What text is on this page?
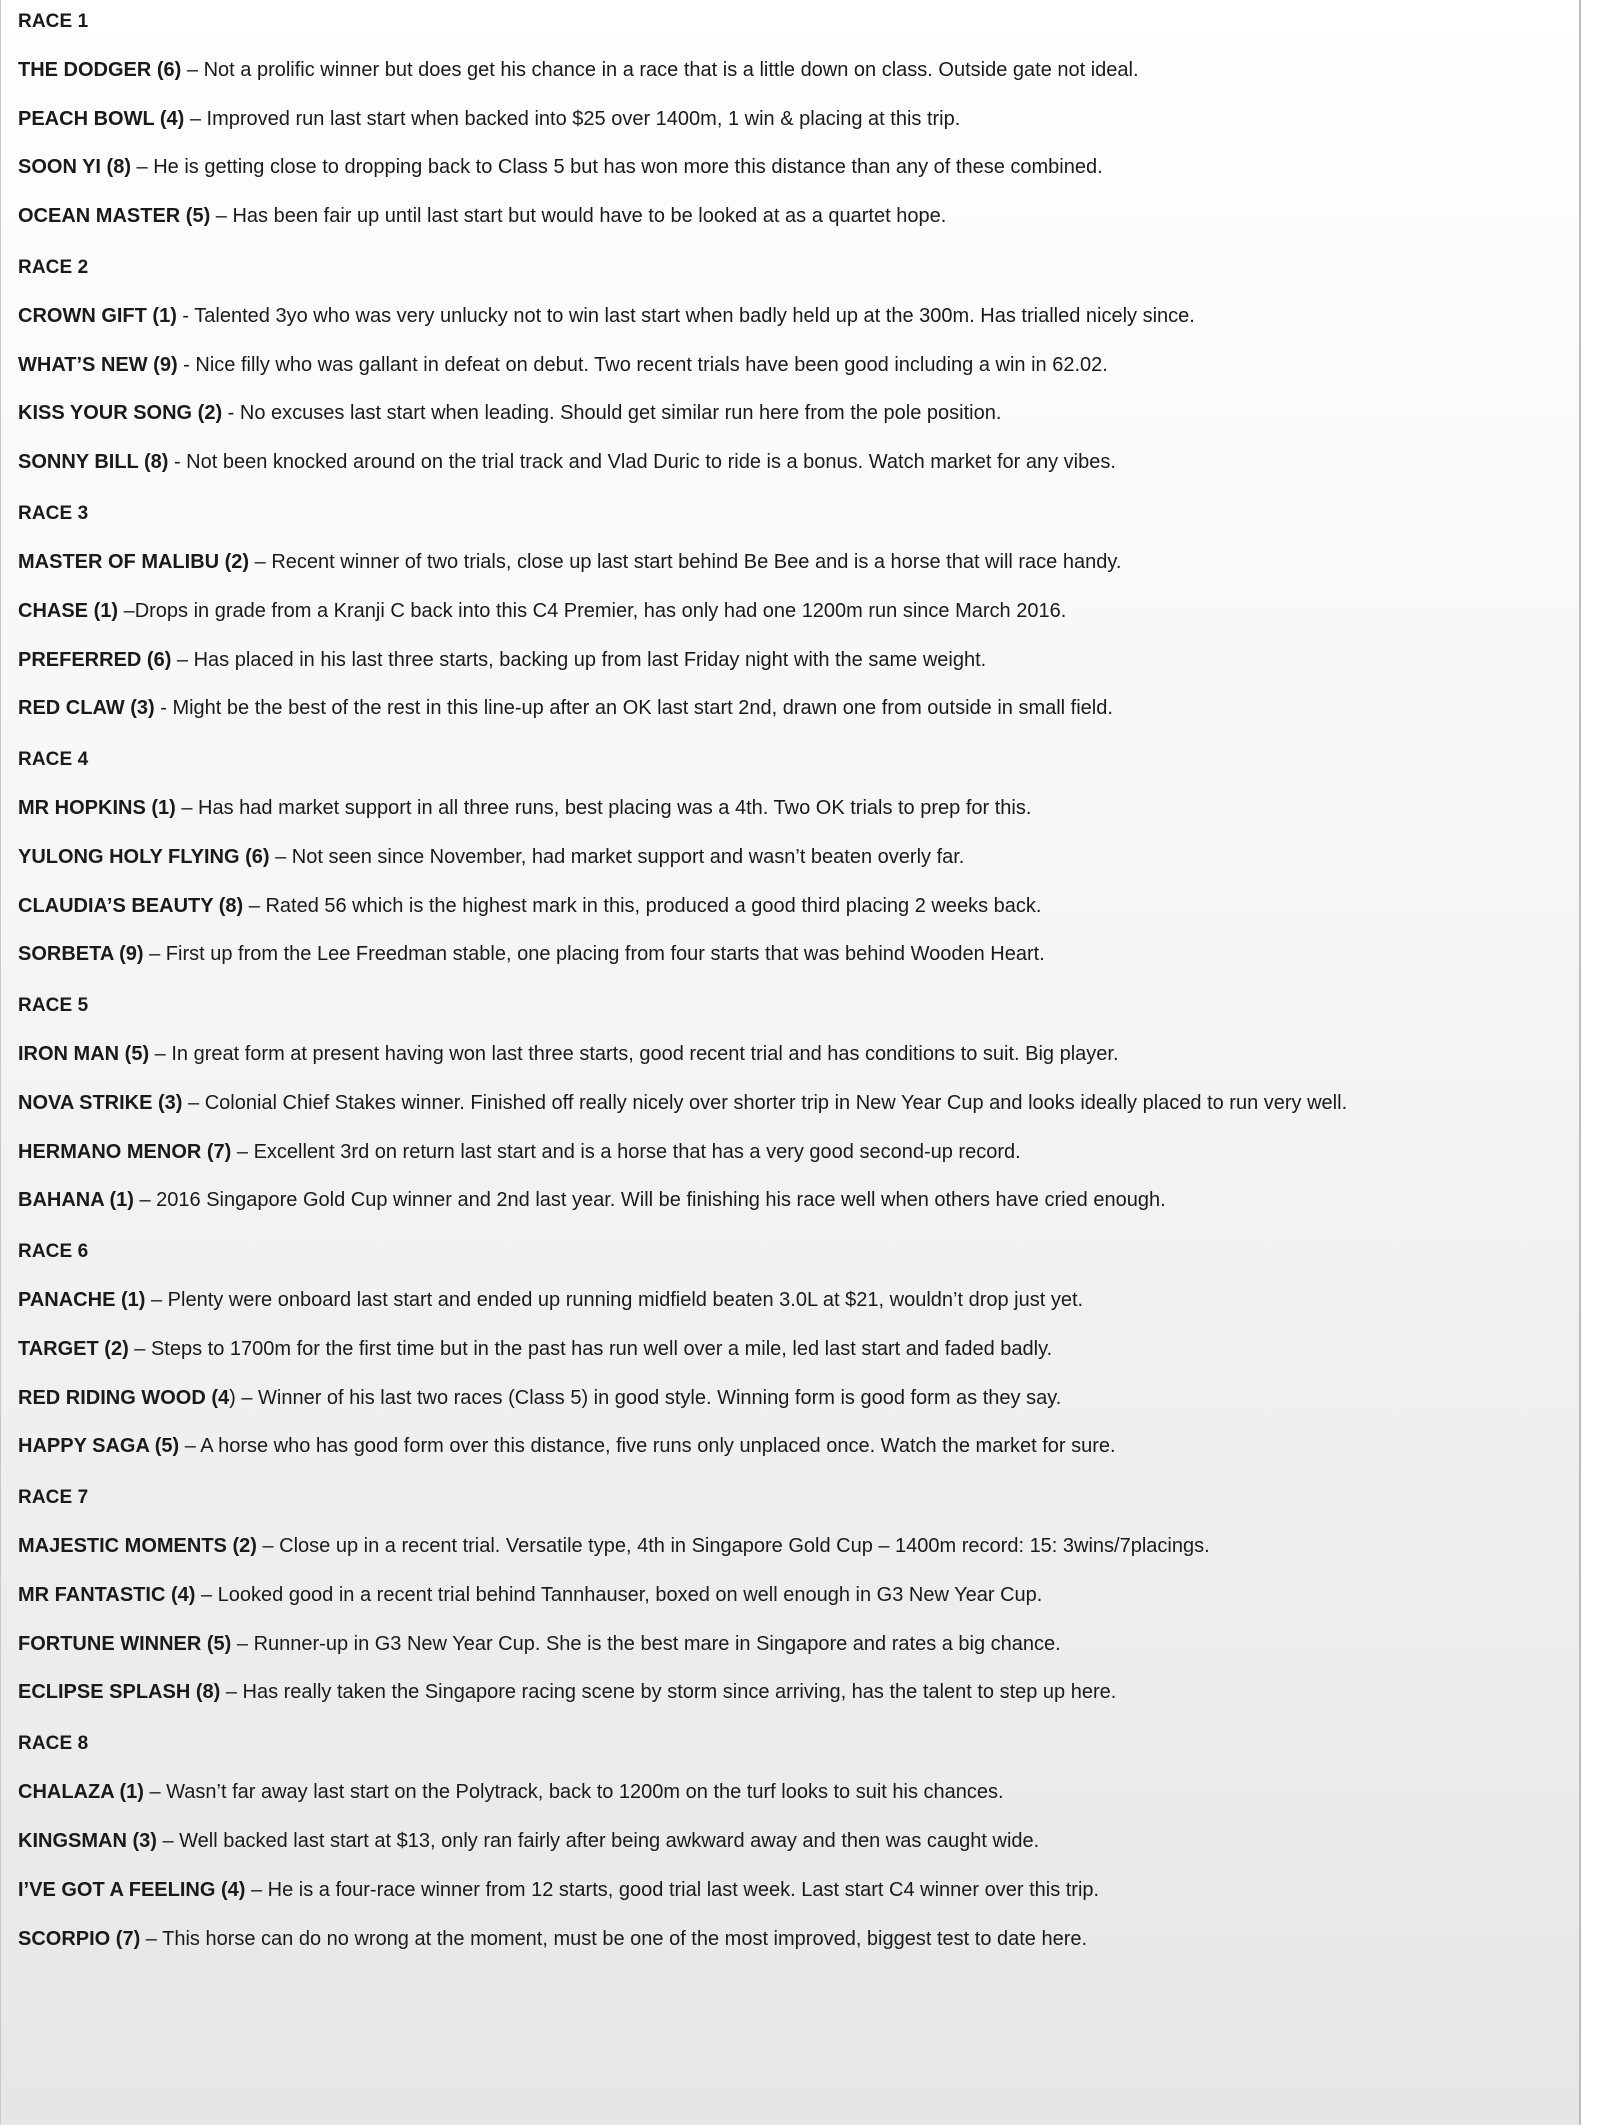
RACE 1
THE DODGER (6) – Not a prolific winner but does get his chance in a race that is a little down on class. Outside gate not ideal.
PEACH BOWL (4) – Improved run last start when backed into $25 over 1400m, 1 win & placing at this trip.
SOON YI (8) – He is getting close to dropping back to Class 5 but has won more this distance than any of these combined.
OCEAN MASTER (5) – Has been fair up until last start but would have to be looked at as a quartet hope.
RACE 2
CROWN GIFT (1) - Talented 3yo who was very unlucky not to win last start when badly held up at the 300m. Has trialled nicely since.
WHAT’S NEW (9) - Nice filly who was gallant in defeat on debut. Two recent trials have been good including a win in 62.02.
KISS YOUR SONG (2) - No excuses last start when leading. Should get similar run here from the pole position.
SONNY BILL (8) - Not been knocked around on the trial track and Vlad Duric to ride is a bonus. Watch market for any vibes.
RACE 3
MASTER OF MALIBU (2) – Recent winner of two trials, close up last start behind Be Bee and is a horse that will race handy.
CHASE (1) –Drops in grade from a Kranji C back into this C4 Premier, has only had one 1200m run since March 2016.
PREFERRED (6) – Has placed in his last three starts, backing up from last Friday night with the same weight.
RED CLAW (3) - Might be the best of the rest in this line-up after an OK last start 2nd, drawn one from outside in small field.
RACE 4
MR HOPKINS (1) – Has had market support in all three runs, best placing was a 4th. Two OK trials to prep for this.
YULONG HOLY FLYING (6) – Not seen since November, had market support and wasn’t beaten overly far.
CLAUDIA’S BEAUTY (8) – Rated 56 which is the highest mark in this, produced a good third placing 2 weeks back.
SORBETA (9) – First up from the Lee Freedman stable, one placing from four starts that was behind Wooden Heart.
RACE 5
IRON MAN (5) – In great form at present having won last three starts, good recent trial and has conditions to suit. Big player.
NOVA STRIKE (3) – Colonial Chief Stakes winner. Finished off really nicely over shorter trip in New Year Cup and looks ideally placed to run very well.
HERMANO MENOR (7) – Excellent 3rd on return last start and is a horse that has a very good second-up record.
BAHANA (1) – 2016 Singapore Gold Cup winner and 2nd last year. Will be finishing his race well when others have cried enough.
RACE 6
PANACHE (1) – Plenty were onboard last start and ended up running midfield beaten 3.0L at $21, wouldn’t drop just yet.
TARGET (2) – Steps to 1700m for the first time but in the past has run well over a mile, led last start and faded badly.
RED RIDING WOOD (4) – Winner of his last two races (Class 5) in good style. Winning form is good form as they say.
HAPPY SAGA (5) – A horse who has good form over this distance, five runs only unplaced once. Watch the market for sure.
RACE 7
MAJESTIC MOMENTS (2) – Close up in a recent trial. Versatile type, 4th in Singapore Gold Cup – 1400m record: 15: 3wins/7placings.
MR FANTASTIC (4) – Looked good in a recent trial behind Tannhauser, boxed on well enough in G3 New Year Cup.
FORTUNE WINNER (5) – Runner-up in G3 New Year Cup. She is the best mare in Singapore and rates a big chance.
ECLIPSE SPLASH (8) – Has really taken the Singapore racing scene by storm since arriving, has the talent to step up here.
RACE 8
CHALAZA (1) – Wasn’t far away last start on the Polytrack, back to 1200m on the turf looks to suit his chances.
KINGSMAN (3) – Well backed last start at $13, only ran fairly after being awkward away and then was caught wide.
I’VE GOT A FEELING (4) – He is a four-race winner from 12 starts, good trial last week. Last start C4 winner over this trip.
SCORPIO (7) – This horse can do no wrong at the moment, must be one of the most improved, biggest test to date here.
